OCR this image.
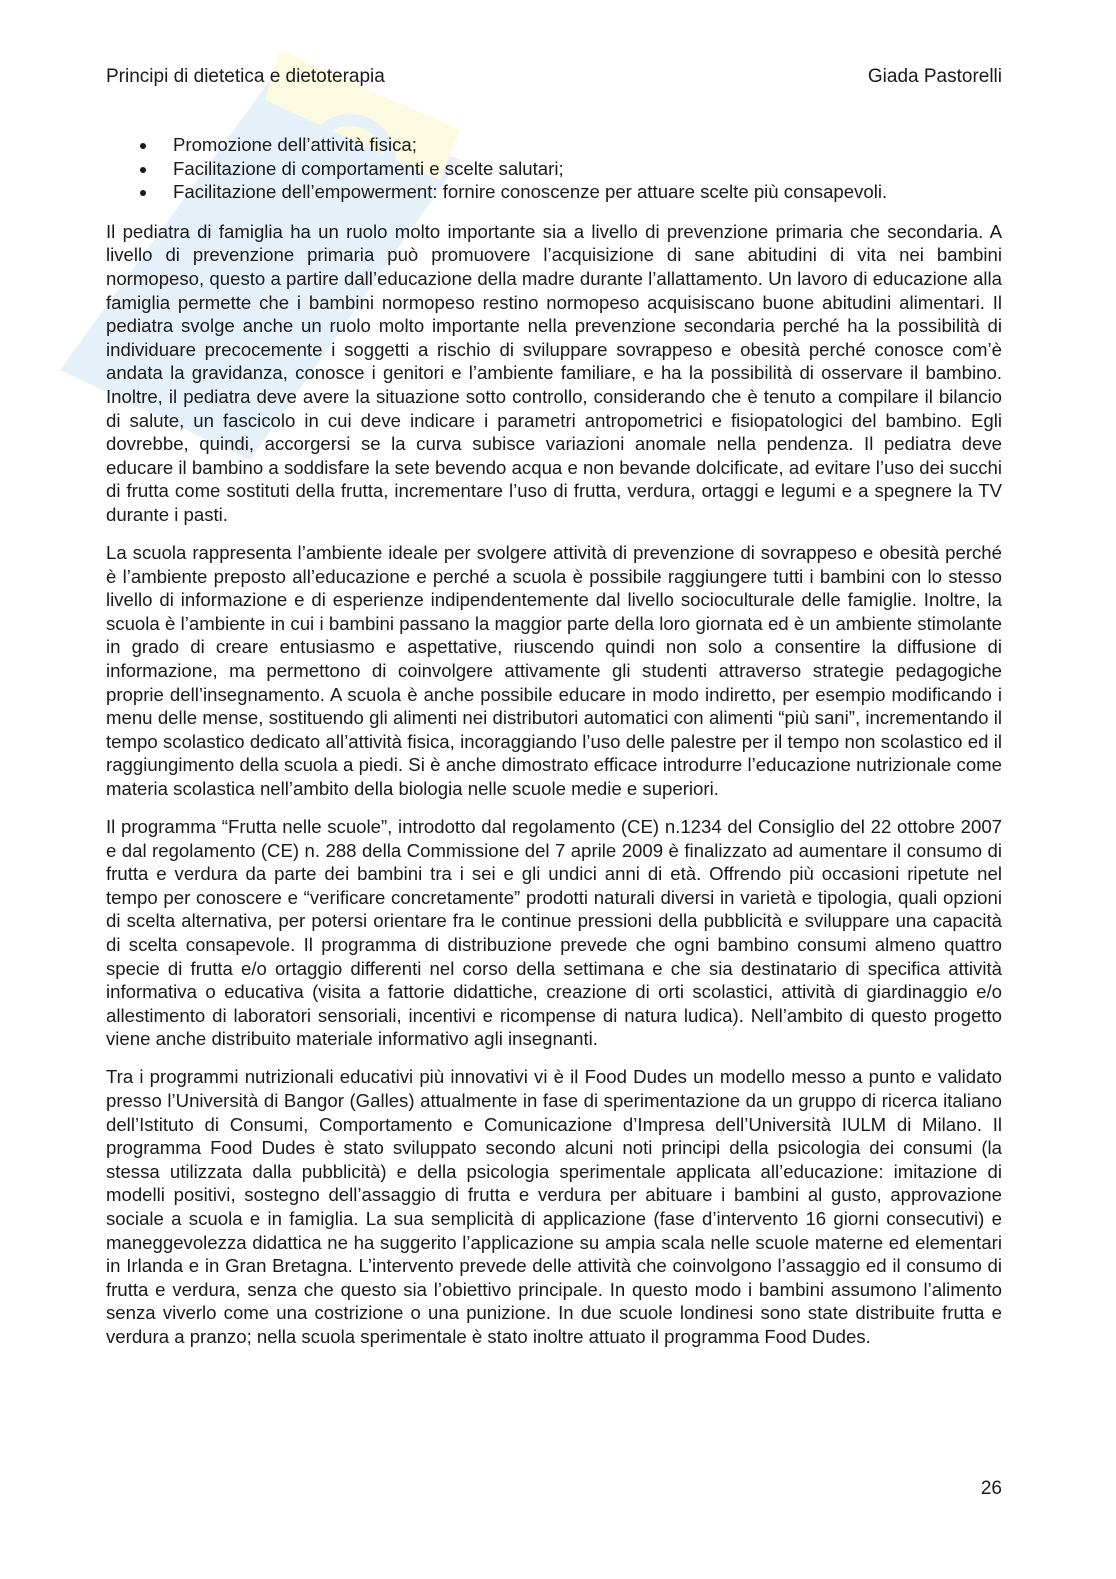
Principi di dietetica e dietoterapia	Giada Pastorelli
Promozione dell’attività fisica;
Facilitazione di comportamenti e scelte salutari;
Facilitazione dell’empowerment: fornire conoscenze per attuare scelte più consapevoli.

Il pediatra di famiglia ha un ruolo molto importante sia a livello di prevenzione primaria che secondaria. A livello di prevenzione primaria può promuovere l’acquisizione di sane abitudini di vita nei bambini normopeso, questo a partire dall’educazione della madre durante l’allattamento. Un lavoro di educazione alla famiglia permette che i bambini normopeso restino normopeso acquisiscano buone abitudini alimentari. Il pediatra svolge anche un ruolo molto importante nella prevenzione secondaria perché ha la possibilità di individuare precocemente i soggetti a rischio di sviluppare sovrappeso e obesità perché conosce com’è andata la gravidanza, conosce i genitori e l’ambiente familiare, e ha la possibilità di osservare il bambino. Inoltre, il pediatra deve avere la situazione sotto controllo, considerando che è tenuto a compilare il bilancio di salute, un fascicolo in cui deve indicare i parametri antropometrici e fisiopatologici del bambino. Egli dovrebbe, quindi, accorgersi se la curva subisce variazioni anomale nella pendenza. Il pediatra deve educare il bambino a soddisfare la sete bevendo acqua e non bevande dolcificate, ad evitare l’uso dei succhi di frutta come sostituti della frutta, incrementare l’uso di frutta, verdura, ortaggi e legumi e a spegnere la TV durante i pasti.

La scuola rappresenta l’ambiente ideale per svolgere attività di prevenzione di sovrappeso e obesità perché è l’ambiente preposto all’educazione e perché a scuola è possibile raggiungere tutti i bambini con lo stesso livello di informazione e di esperienze indipendentemente dal livello socioculturale delle famiglie. Inoltre, la scuola è l’ambiente in cui i bambini passano la maggior parte della loro giornata ed è un ambiente stimolante in grado di creare entusiasmo e aspettative, riuscendo quindi non solo a consentire la diffusione di informazione, ma permettono di coinvolgere attivamente gli studenti attraverso strategie pedagogiche proprie dell’insegnamento. A scuola è anche possibile educare in modo indiretto, per esempio modificando i menu delle mense, sostituendo gli alimenti nei distributori automatici con alimenti “più sani”, incrementando il tempo scolastico dedicato all’attività fisica, incoraggiando l’uso delle palestre per il tempo non scolastico ed il raggiungimento della scuola a piedi. Si è anche dimostrato efficace introdurre l’educazione nutrizionale come materia scolastica nell’ambito della biologia nelle scuole medie e superiori.

Il programma “Frutta nelle scuole”, introdotto dal regolamento (CE) n.1234 del Consiglio del 22 ottobre 2007 e dal regolamento (CE) n. 288 della Commissione del 7 aprile 2009 è finalizzato ad aumentare il consumo di frutta e verdura da parte dei bambini tra i sei e gli undici anni di età. Offrendo più occasioni ripetute nel tempo per conoscere e “verificare concretamente” prodotti naturali diversi in varietà e tipologia, quali opzioni di scelta alternativa, per potersi orientare fra le continue pressioni della pubblicità e sviluppare una capacità di scelta consapevole. Il programma di distribuzione prevede che ogni bambino consumi almeno quattro specie di frutta e/o ortaggio differenti nel corso della settimana e che sia destinatario di specifica attività informativa o educativa (visita a fattorie didattiche, creazione di orti scolastici, attività di giardinaggio e/o allestimento di laboratori sensoriali, incentivi e ricompense di natura ludica). Nell’ambito di questo progetto viene anche distribuito materiale informativo agli insegnanti.

Tra i programmi nutrizionali educativi più innovativi vi è il Food Dudes un modello messo a punto e validato presso l’Università di Bangor (Galles) attualmente in fase di sperimentazione da un gruppo di ricerca italiano dell’Istituto di Consumi, Comportamento e Comunicazione d’Impresa dell’Università IULM di Milano. Il programma Food Dudes è stato sviluppato secondo alcuni noti principi della psicologia dei consumi (la stessa utilizzata dalla pubblicità) e della psicologia sperimentale applicata all’educazione: imitazione di modelli positivi, sostegno dell’assaggio di frutta e verdura per abituare i bambini al gusto, approvazione sociale a scuola e in famiglia. La sua semplicità di applicazione (fase d’intervento 16 giorni consecutivi) e maneggevolezza didattica ne ha suggerito l’applicazione su ampia scala nelle scuole materne ed elementari in Irlanda e in Gran Bretagna. L’intervento prevede delle attività che coinvolgono l’assaggio ed il consumo di frutta e verdura, senza che questo sia l’obiettivo principale. In questo modo i bambini assumono l’alimento senza viverlo come una costrizione o una punizione. In due scuole londinesi sono state distribuite frutta e verdura a pranzo; nella scuola sperimentale è stato inoltre attuato il programma Food Dudes.

26
